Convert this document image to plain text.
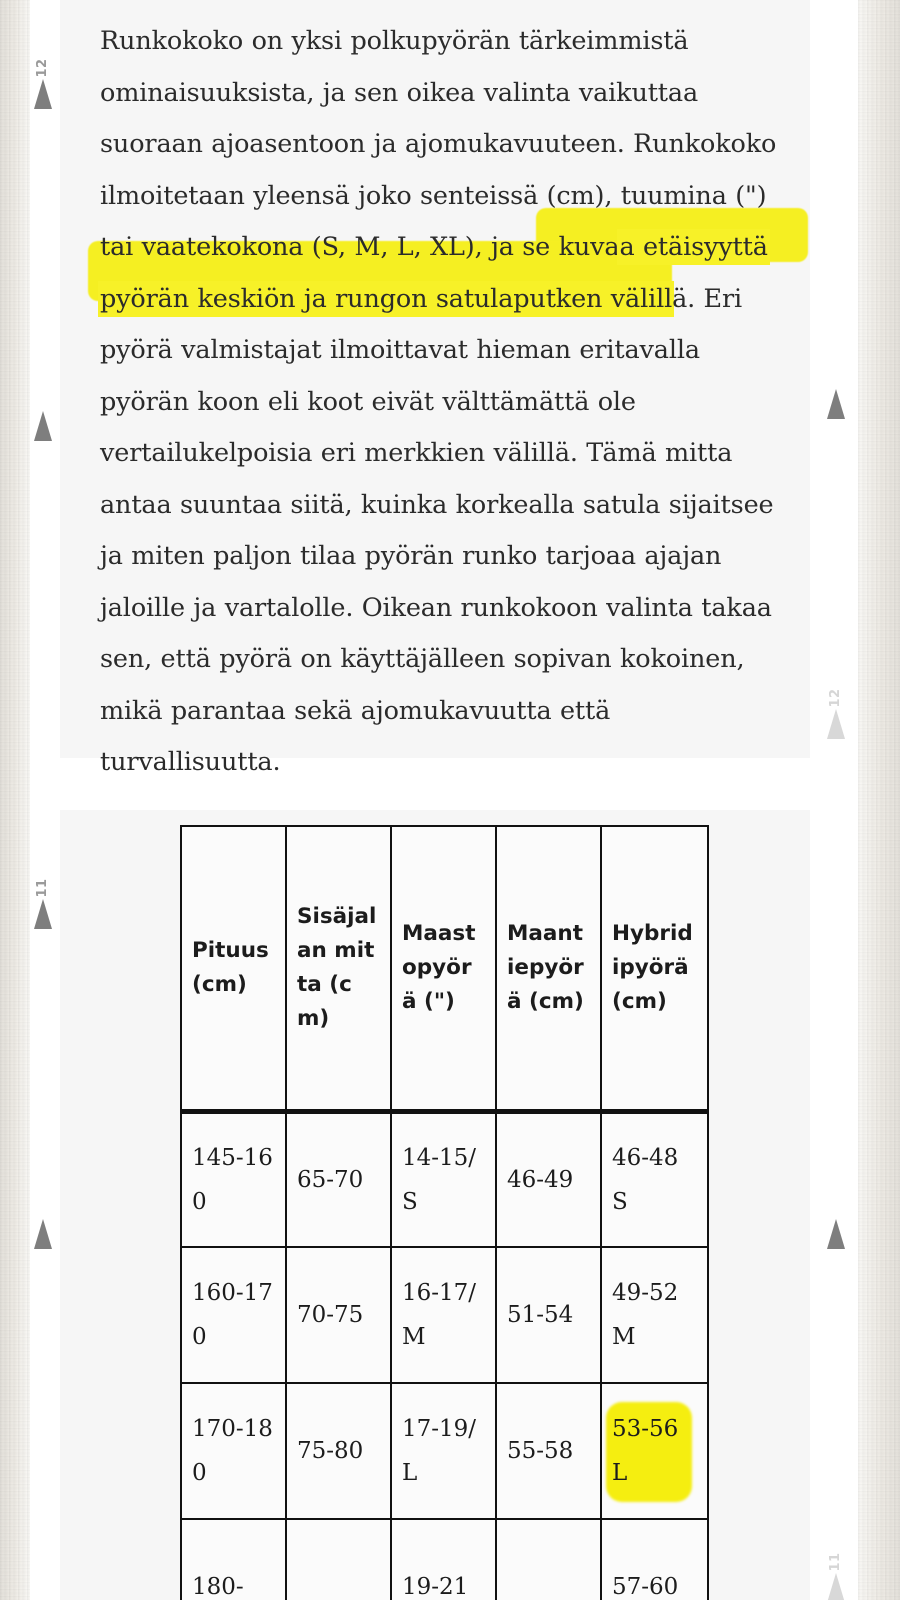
Runkokoko on yksi polkupyörän tärkeimmistä ominaisuuksista, ja sen oikea valinta vaikuttaa suoraan ajoasentoon ja ajomukavuuteen. Runkokoko ilmoitetaan yleensä joko senteissä (cm), tuumina (") tai vaatekokona (S, M, L, XL), ja se kuvaa etäisyyttä pyörän keskiön ja rungon satulaputken välillä. Eri pyörä valmistajat ilmoittavat hieman eritavalla pyörän koon eli koot eivät välttämättä ole vertailukelpoisia eri merkkien välillä. Tämä mitta antaa suuntaa siitä, kuinka korkealla satula sijaitsee ja miten paljon tilaa pyörän runko tarjoaa ajajan jaloille ja vartalolle. Oikean runkokoon valinta takaa sen, että pyörä on käyttäjälleen sopivan kokoinen, mikä parantaa sekä ajomukavuutta että turvallisuutta.

Pituus (cm)	Sisäjalan mitta (cm)	Maastopyörä (")	Maantiepyörä (cm)	Hybridipyörä (cm)
145-160	65-70	14-15/ S	46-49	46-48 S
160-170	70-75	16-17/ M	51-54	49-52 M
170-180	75-80	17-19/ L	55-58	53-56 L
180-		19-21		57-60
12
11
12
11
